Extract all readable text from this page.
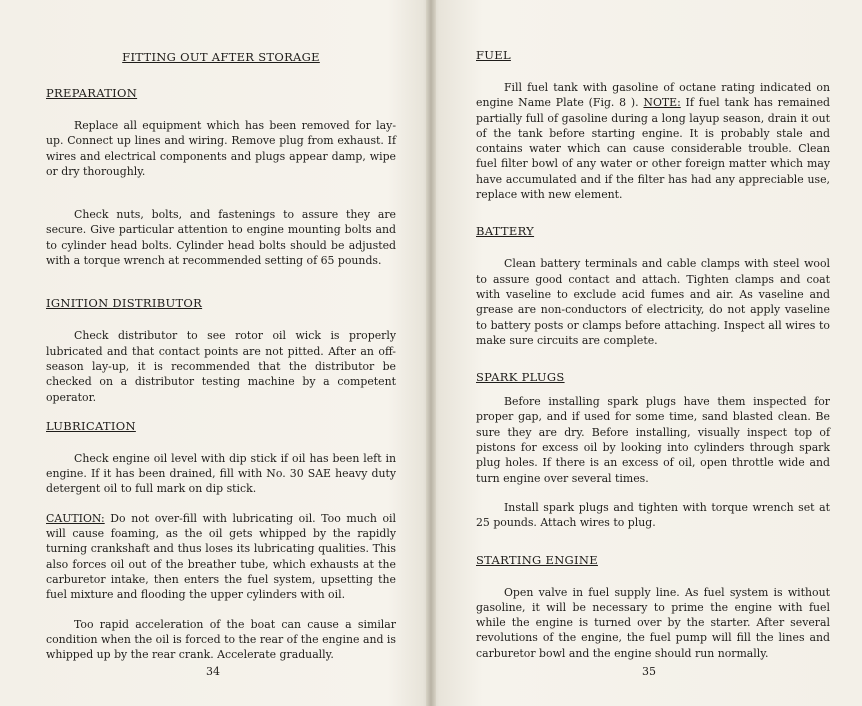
FITTING OUT AFTER STORAGE
PREPARATION

Replace all equipment which has been removed for lay-up. Connect up lines and wiring. Remove plug from exhaust. If wires and electrical components and plugs appear damp, wipe or dry thoroughly.

Check nuts, bolts, and fastenings to assure they are secure. Give particular attention to engine mounting bolts and to cylinder head bolts. Cylinder head bolts should be adjusted with a torque wrench at recommended setting of 65 pounds.

IGNITION DISTRIBUTOR

Check distributor to see rotor oil wick is properly lubricated and that contact points are not pitted. After an off-season lay-up, it is recommended that the distributor be checked on a distributor testing machine by a competent operator.

LUBRICATION

Check engine oil level with dip stick if oil has been left in engine. If it has been drained, fill with No. 30 SAE heavy duty detergent oil to full mark on dip stick.

CAUTION: Do not over-fill with lubricating oil. Too much oil will cause foaming, as the oil gets whipped by the rapidly turning crankshaft and thus loses its lubricating qualities. This also forces oil out of the breather tube, which exhausts at the carburetor intake, then enters the fuel system, upsetting the fuel mixture and flooding the upper cylinders with oil.

Too rapid acceleration of the boat can cause a similar condition when the oil is forced to the rear of the engine and is whipped up by the rear crank. Accelerate gradually.

34
FUEL

Fill fuel tank with gasoline of octane rating indicated on engine Name Plate (Fig. 8 ). NOTE: If fuel tank has remained partially full of gasoline during a long layup season, drain it out of the tank before starting engine. It is probably stale and contains water which can cause considerable trouble. Clean fuel filter bowl of any water or other foreign matter which may have accumulated and if the filter has had any appreciable use, replace with new element.

BATTERY

Clean battery terminals and cable clamps with steel wool to assure good contact and attach. Tighten clamps and coat with vaseline to exclude acid fumes and air. As vaseline and grease are non-conductors of electricity, do not apply vaseline to battery posts or clamps before attaching. Inspect all wires to make sure circuits are complete.

SPARK PLUGS

Before installing spark plugs have them inspected for proper gap, and if used for some time, sand blasted clean. Be sure they are dry. Before installing, visually inspect top of pistons for excess oil by looking into cylinders through spark plug holes. If there is an excess of oil, open throttle wide and turn engine over several times.

Install spark plugs and tighten with torque wrench set at 25 pounds. Attach wires to plug.

STARTING ENGINE

Open valve in fuel supply line. As fuel system is without gasoline, it will be necessary to prime the engine with fuel while the engine is turned over by the starter. After several revolutions of the engine, the fuel pump will fill the lines and carburetor bowl and the engine should run normally.

35
